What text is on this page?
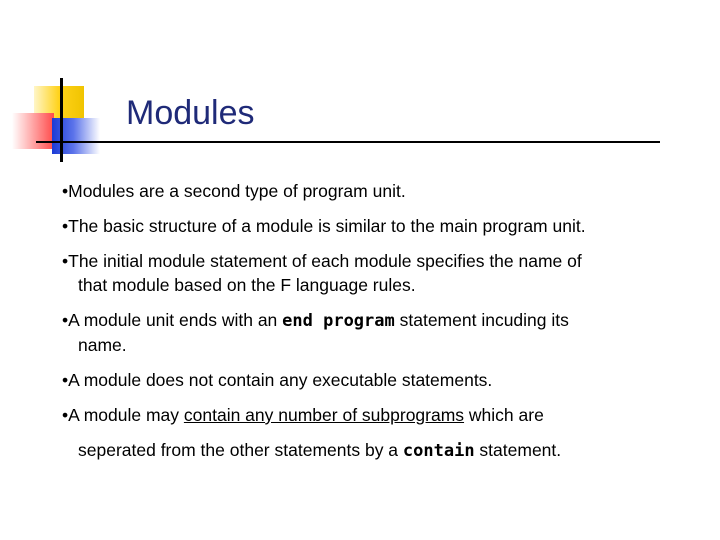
Modules

•Modules are a second type of program unit.

•The basic structure of a module is similar to the main program unit.

•The initial module statement of each module specifies the name of

that module based on the F language rules.

•A module unit ends with an end program statement incuding its

name.

•A module does not contain any executable statements.

•A module may contain any number of subprograms which are

seperated from the other statements by a contain statement.
